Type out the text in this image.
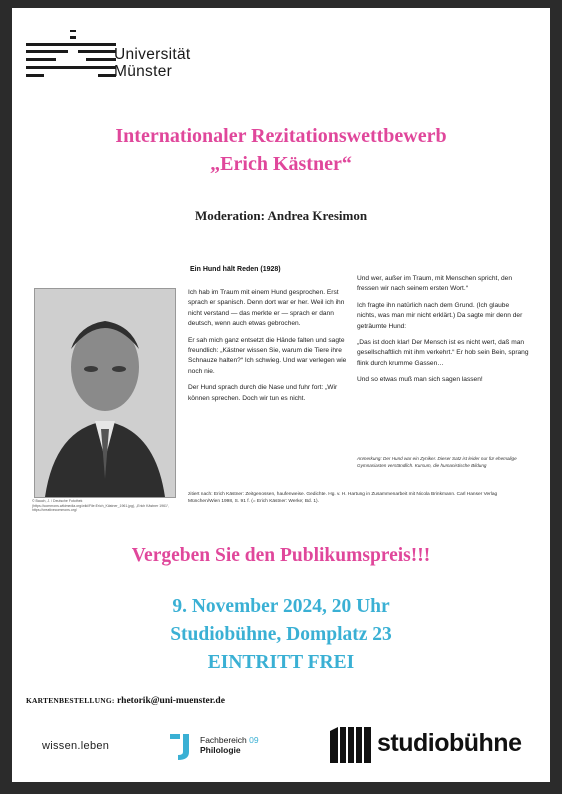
Universität
Münster
Internationaler Rezitationswettbewerb
„Erich Kästner“
Moderation: Andrea Kresimon
Ein Hund hält Reden (1928)
© Bauch, J. / Deutsche Fotothek (https://commons.wikimedia.org/wiki/File:Erich_Kästner_1961.jpg), „Erich Kästner 1961“, https://creativecommons.org/

Ich hab im Traum mit einem Hund gesprochen. Erst sprach er spanisch. Denn dort war er her. Weil ich ihn nicht verstand — das merkte er — sprach er dann deutsch, wenn auch etwas gebrochen.

Er sah mich ganz entsetzt die Hände falten und sagte freundlich: „Kästner wissen Sie, warum die Tiere ihre Schnauze halten?“ Ich schwieg. Und war verlegen wie noch nie.

Der Hund sprach durch die Nase und fuhr fort: „Wir können sprechen. Doch wir tun es nicht.

Und wer, außer im Traum, mit Menschen spricht, den fressen wir nach seinem ersten Wort.“

Ich fragte ihn natürlich nach dem Grund. (Ich glaube nichts, was man mir nicht erklärt.) Da sagte mir denn der geträumte Hund:

„Das ist doch klar! Der Mensch ist es nicht wert, daß man gesellschaftlich mit ihm verkehrt.“ Er hob sein Bein, sprang flink durch krumme Gassen…

Und so etwas muß man sich sagen lassen!

Anmerkung: Der Hund war ein Zyniker. Dieser Satz ist leider nur für ehemalige Gymnasiasten verständlich. Kursum, die humanistische Bildung
zitiert nach: Erich Kästner: Zeitgenossen, haufenweise. Gedichte. Hg. v. H. Hartung in Zusammenarbeit mit Nicola Brinkmann. Carl Hanser Verlag München/Wien 1998, S. 91 f. (= Erich Kästner: Werke; Bd. 1).
Vergeben Sie den Publikumspreis!!!
9. November 2024, 20 Uhr
Studiobühne, Domplatz 23
EINTRITT FREI
KARTENBESTELLUNG: rhetorik@uni-muenster.de
wissen.leben	Fachbereich 09
Philologie	studiobühne
